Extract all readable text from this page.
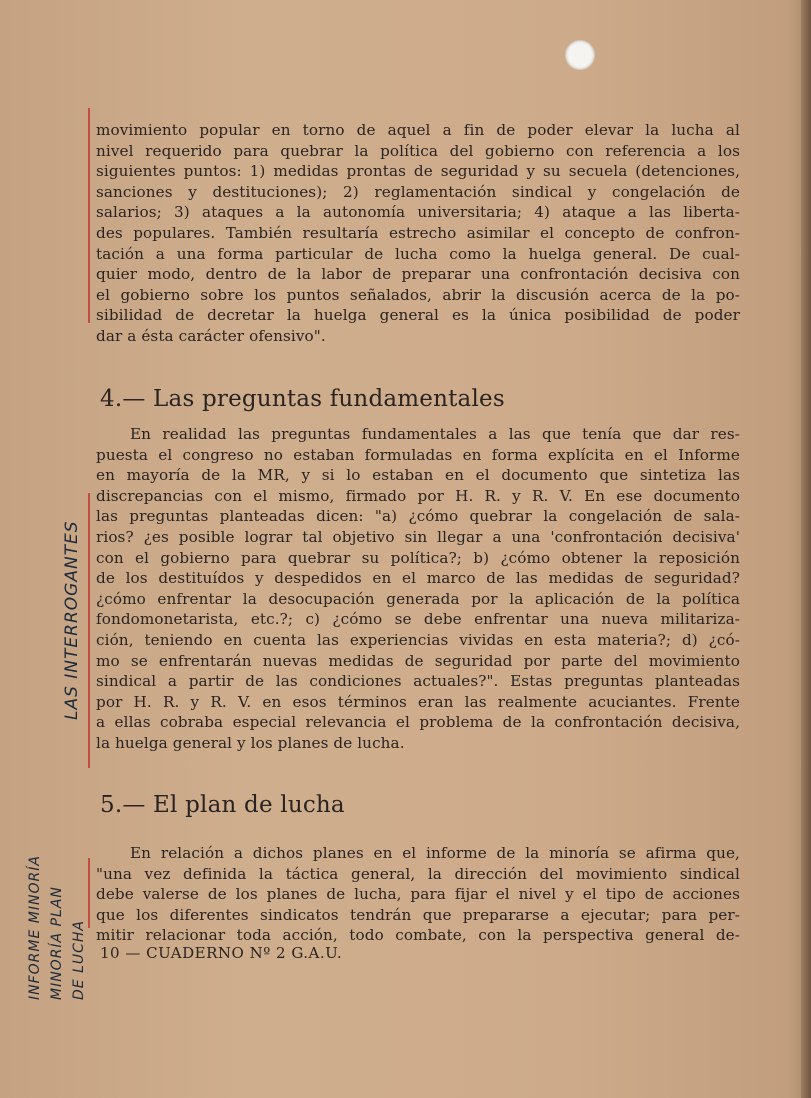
movimiento popular en torno de aquel a fin de poder elevar la lucha al
nivel requerido para quebrar la política del gobierno con referencia a los
siguientes puntos: 1) medidas prontas de seguridad y su secuela (detenciones,
sanciones y destituciones); 2) reglamentación sindical y congelación de
salarios; 3) ataques a la autonomía universitaria; 4) ataque a las liberta-
des populares. También resultaría estrecho asimilar el concepto de confron-
tación a una forma particular de lucha como la huelga general. De cual-
quier modo, dentro de la labor de preparar una confrontación decisiva con
el gobierno sobre los puntos señalados, abrir la discusión acerca de la po-
sibilidad de decretar la huelga general es la única posibilidad de poder
dar a ésta carácter ofensivo".
4.— Las preguntas fundamentales
En realidad las preguntas fundamentales a las que tenía que dar res-
puesta el congreso no estaban formuladas en forma explícita en el Informe
en mayoría de la MR, y si lo estaban en el documento que sintetiza las
discrepancias con el mismo, firmado por H. R. y R. V. En ese documento
las preguntas planteadas dicen: "a) ¿cómo quebrar la congelación de sala-
rios? ¿es posible lograr tal objetivo sin llegar a una 'confrontación decisiva'
con el gobierno para quebrar su política?; b) ¿cómo obtener la reposición
de los destituídos y despedidos en el marco de las medidas de seguridad?
¿cómo enfrentar la desocupación generada por la aplicación de la política
fondomonetarista, etc.?; c) ¿cómo se debe enfrentar una nueva militariza-
ción, teniendo en cuenta las experiencias vividas en esta materia?; d) ¿có-
mo se enfrentarán nuevas medidas de seguridad por parte del movimiento
sindical a partir de las condiciones actuales?". Estas preguntas planteadas
por H. R. y R. V. en esos términos eran las realmente acuciantes. Frente
a ellas cobraba especial relevancia el problema de la confrontación decisiva,
la huelga general y los planes de lucha.
5.— El plan de lucha
En relación a dichos planes en el informe de la minoría se afirma que,
"una vez definida la táctica general, la dirección del movimiento sindical
debe valerse de los planes de lucha, para fijar el nivel y el tipo de acciones
que los diferentes sindicatos tendrán que prepararse a ejecutar; para per-
mitir relacionar toda acción, todo combate, con la perspectiva general de-
10 — CUADERNO Nº 2 G.A.U.
LAS INTERROGANTES
INFORME MINORÍA MINORÍA PLAN DE LUCHA
